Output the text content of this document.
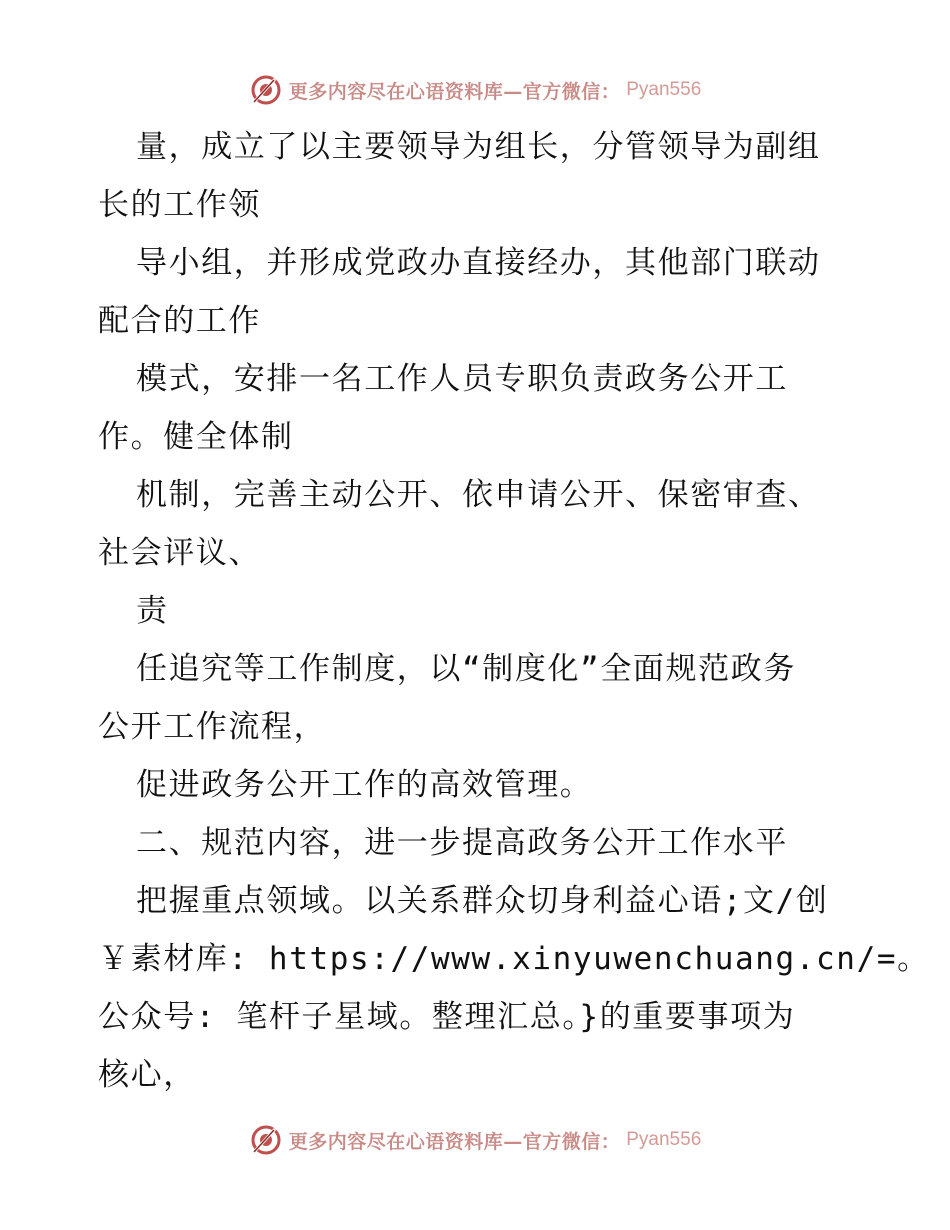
更多内容尽在心语资料库—官方微信： Pyan556
量，成立了以主要领导为组长，分管领导为副组
长的工作领
导小组，并形成党政办直接经办，其他部门联动
配合的工作
模式，安排一名工作人员专职负责政务公开工
作。健全体制
机制，完善主动公开、依申请公开、保密审查、
社会评议、
责
任追究等工作制度，以“制度化”全面规范政务
公开工作流程，
促进政务公开工作的高效管理。
二、规范内容，进一步提高政务公开工作水平
把握重点领域。以关系群众切身利益心语;文/创
￥素材库: https://www.xinyuwenchuang.cn/=。
公众号: 笔杆子星域。整理汇总。}的重要事项为
核心，
更多内容尽在心语资料库—官方微信： Pyan556
